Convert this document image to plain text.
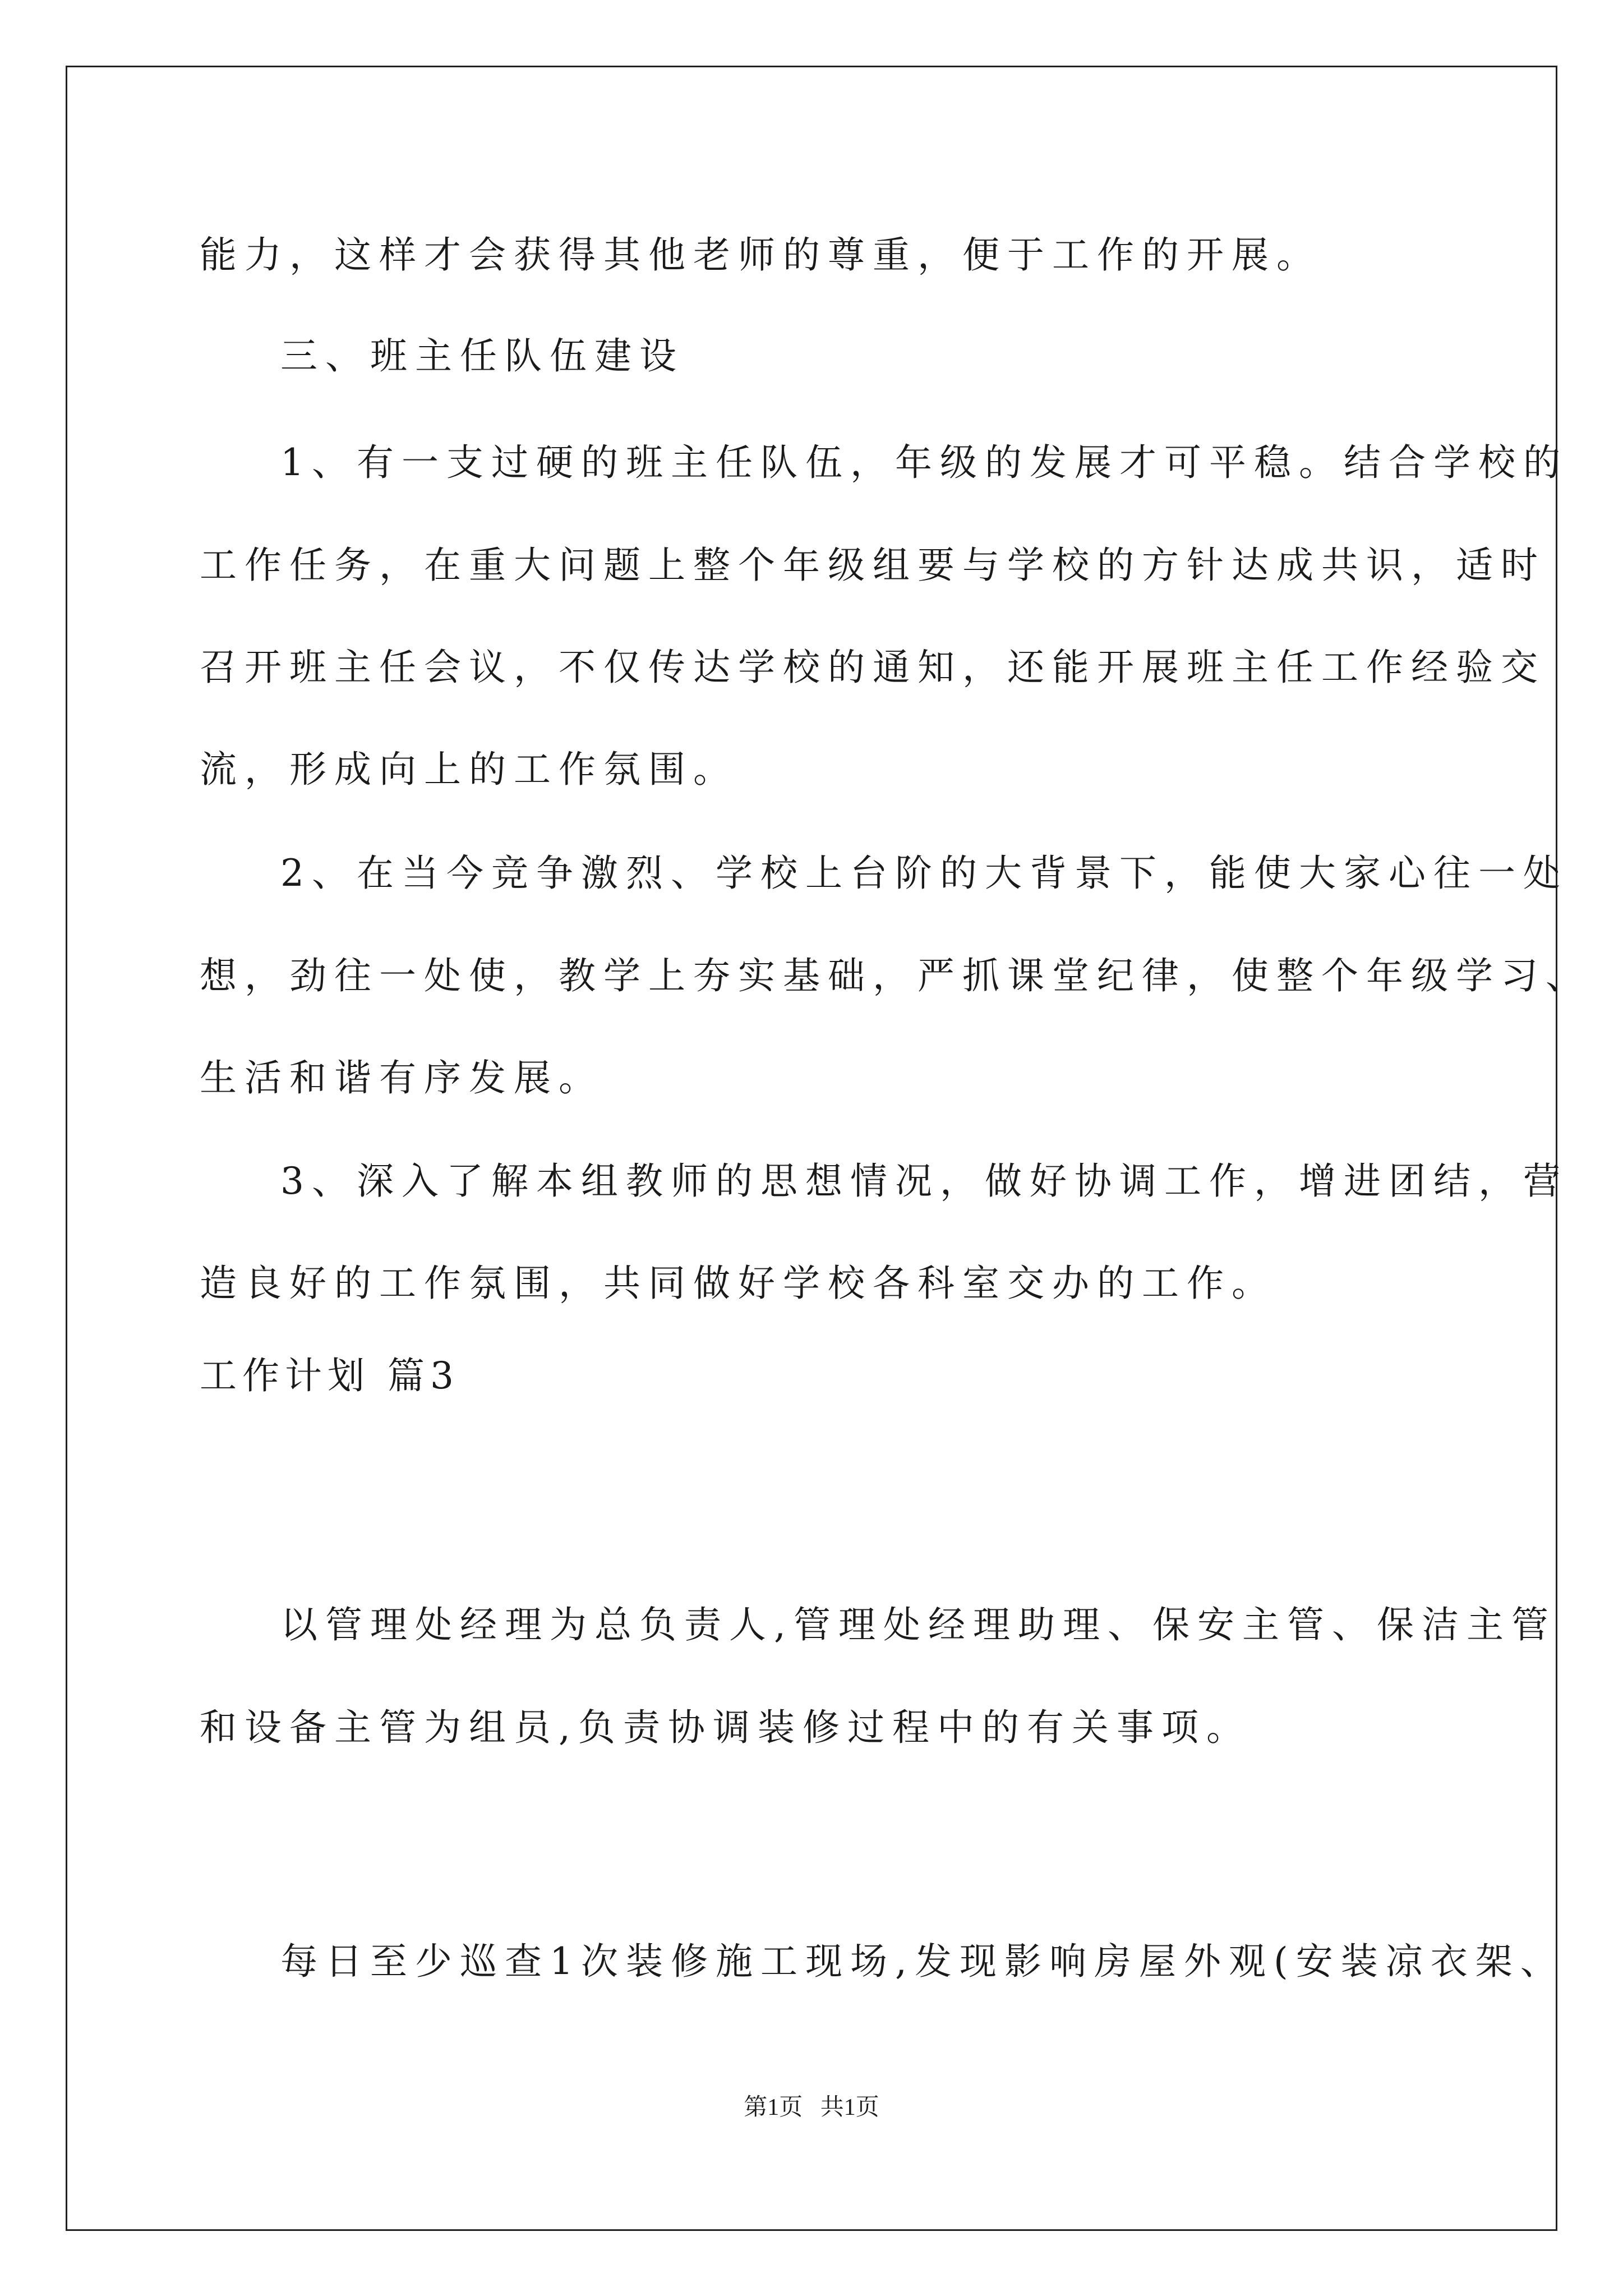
能力，这样才会获得其他老师的尊重，便于工作的开展。
三、班主任队伍建设
1、有一支过硬的班主任队伍，年级的发展才可平稳。结合学校的
工作任务，在重大问题上整个年级组要与学校的方针达成共识，适时
召开班主任会议，不仅传达学校的通知，还能开展班主任工作经验交
流，形成向上的工作氛围。
2、在当今竞争激烈、学校上台阶的大背景下，能使大家心往一处
想，劲往一处使，教学上夯实基础，严抓课堂纪律，使整个年级学习、
生活和谐有序发展。
3、深入了解本组教师的思想情况，做好协调工作，增进团结，营
造良好的工作氛围，共同做好学校各科室交办的工作。
工作计划 篇3
以管理处经理为总负责人,管理处经理助理、保安主管、保洁主管
和设备主管为组员,负责协调装修过程中的有关事项。
每日至少巡查1次装修施工现场,发现影响房屋外观(安装凉衣架、
第1页   共1页
